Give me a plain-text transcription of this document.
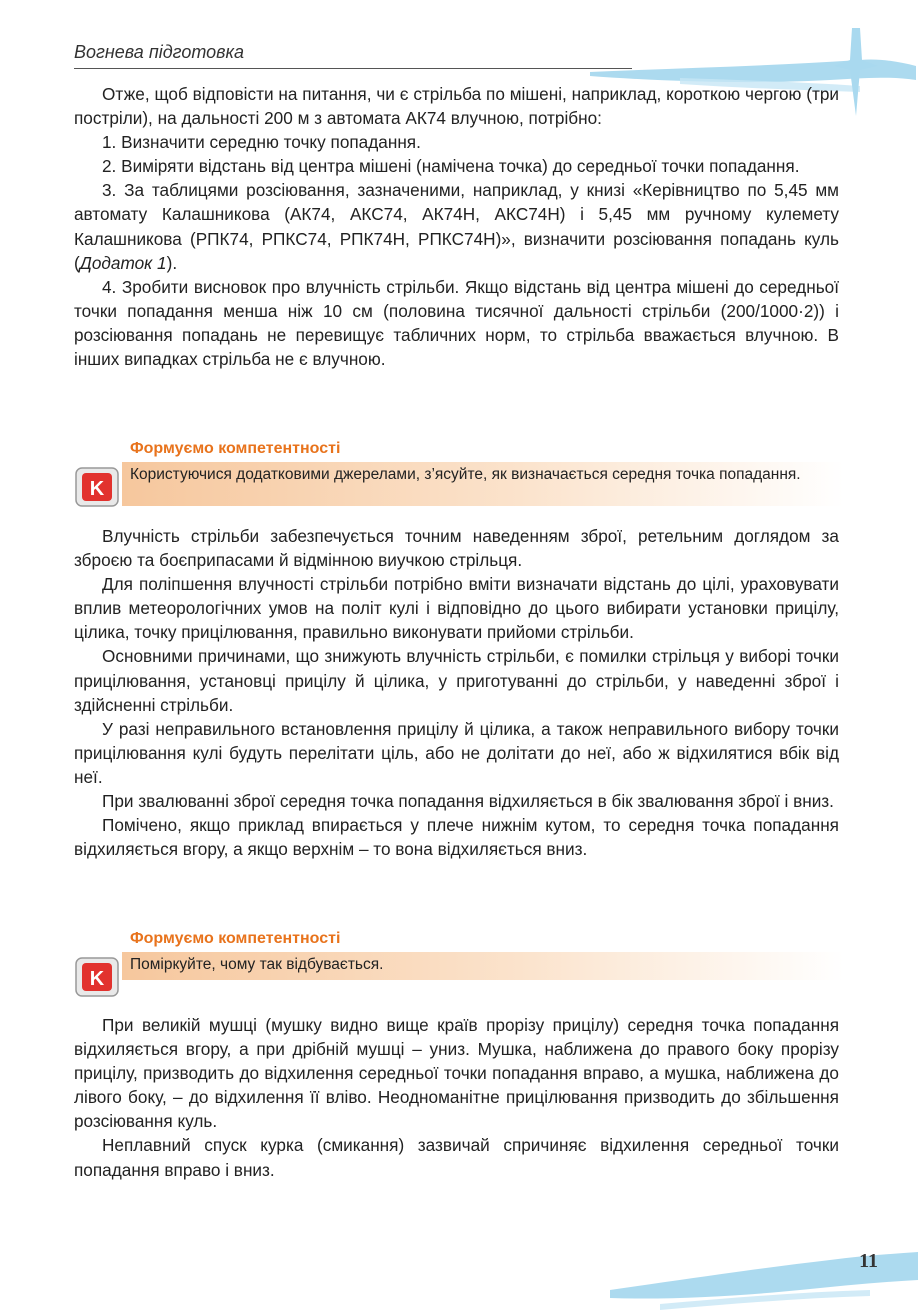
Вогнева підготовка

Отже, щоб відповісти на питання, чи є стрільба по мішені, наприклад, короткою чергою (три постріли), на дальності 200 м з автомата АК74 влучною, потрібно:

1. Визначити середню точку попадання.

2. Виміряти відстань від центра мішені (намічена точка) до середньої точки попадання.

3. За таблицями розсіювання, зазначеними, наприклад, у книзі «Керівництво по 5,45 мм автомату Калашникова (АК74, АКС74, АК74Н, АКС74Н) і 5,45 мм ручному кулемету Калашникова (РПК74, РПКС74, РПК74Н, РПКС74Н)», визначити розсіювання попадань куль (Додаток 1).

4. Зробити висновок про влучність стрільби. Якщо відстань від центра мішені до середньої точки попадання менша ніж 10 см (половина тисячної дальності стрільби (200/1000·2)) і розсіювання попадань не перевищує табличних норм, то стрільба вважається влучною. В інших випадках стрільба не є влучною.

Формуємо компетентності
K
Користуючися додатковими джерелами, з’ясуйте, як визначається середня точка попадання.

Влучність стрільби забезпечується точним наведенням зброї, ретельним доглядом за зброєю та боєприпасами й відмінною виучкою стрільця.

Для поліпшення влучності стрільби потрібно вміти визначати відстань до цілі, ураховувати вплив метеорологічних умов на політ кулі і відповідно до цього вибирати установки прицілу, цілика, точку прицілювання, правильно виконувати прийоми стрільби.

Основними причинами, що знижують влучність стрільби, є помилки стрільця у виборі точки прицілювання, установці прицілу й цілика, у приготуванні до стрільби, у наведенні зброї і здійсненні стрільби.

У разі неправильного встановлення прицілу й цілика, а також неправильного вибору точки прицілювання кулі будуть перелітати ціль, або не долітати до неї, або ж відхилятися вбік від неї.

При звалюванні зброї середня точка попадання відхиляється в бік звалювання зброї і вниз.

Помічено, якщо приклад впирається у плече нижнім кутом, то середня точка попадання відхиляється вгору, а якщо верхнім – то вона відхиляється вниз.

Формуємо компетентності
K
Поміркуйте, чому так відбувається.

При великій мушці (мушку видно вище країв прорізу прицілу) середня точка попадання відхиляється вгору, а при дрібній мушці – униз. Мушка, наближена до правого боку прорізу прицілу, призводить до відхилення середньої точки попадання вправо, а мушка, наближена до лівого боку, – до відхилення її вліво. Неодноманітне прицілювання призводить до збільшення розсіювання куль.

Неплавний спуск курка (смикання) зазвичай спричиняє відхилення середньої точки попадання вправо і вниз.

11
